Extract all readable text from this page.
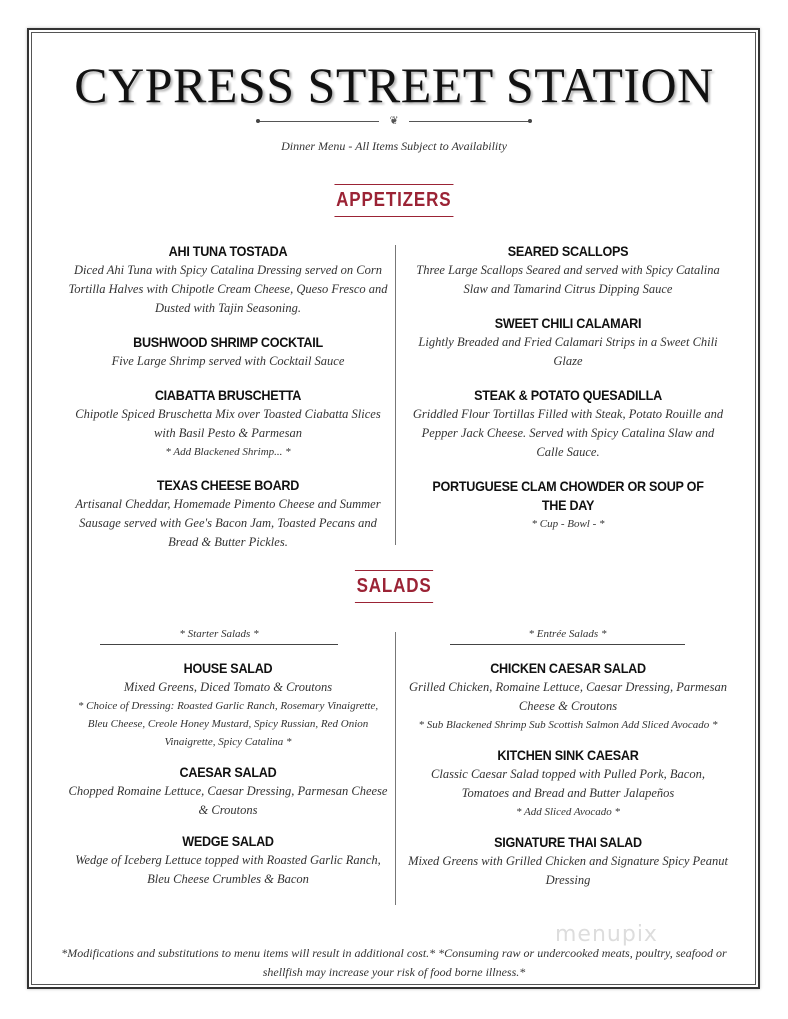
CYPRESS STREET STATION
❦
Dinner Menu - All Items Subject to Availability
APPETIZERS
AHI TUNA TOSTADA
Diced Ahi Tuna with Spicy Catalina Dressing served on Corn Tortilla Halves with Chipotle Cream Cheese, Queso Fresco and Dusted with Tajin Seasoning.
BUSHWOOD SHRIMP COCKTAIL
Five Large Shrimp served with Cocktail Sauce
CIABATTA BRUSCHETTA
Chipotle Spiced Bruschetta Mix over Toasted Ciabatta Slices with Basil Pesto & Parmesan
* Add Blackened Shrimp... *
TEXAS CHEESE BOARD
Artisanal Cheddar, Homemade Pimento Cheese and Summer Sausage served with Gee's Bacon Jam, Toasted Pecans and Bread & Butter Pickles.
SEARED SCALLOPS
Three Large Scallops Seared and served with Spicy Catalina Slaw and Tamarind Citrus Dipping Sauce
SWEET CHILI CALAMARI
Lightly Breaded and Fried Calamari Strips in a Sweet Chili Glaze
STEAK & POTATO QUESADILLA
Griddled Flour Tortillas Filled with Steak, Potato Rouille and Pepper Jack Cheese. Served with Spicy Catalina Slaw and Calle Sauce.
PORTUGUESE CLAM CHOWDER OR SOUP OF THE DAY
* Cup - Bowl - *
SALADS
* Starter Salads *	* Entrée Salads *
HOUSE SALAD
Mixed Greens, Diced Tomato & Croutons
* Choice of Dressing: Roasted Garlic Ranch, Rosemary Vinaigrette, Bleu Cheese, Creole Honey Mustard, Spicy Russian, Red Onion Vinaigrette, Spicy Catalina *
CAESAR SALAD
Chopped Romaine Lettuce, Caesar Dressing, Parmesan Cheese & Croutons
WEDGE SALAD
Wedge of Iceberg Lettuce topped with Roasted Garlic Ranch, Bleu Cheese Crumbles & Bacon
CHICKEN CAESAR SALAD
Grilled Chicken, Romaine Lettuce, Caesar Dressing, Parmesan Cheese & Croutons
* Sub Blackened Shrimp Sub Scottish Salmon Add Sliced Avocado *
KITCHEN SINK CAESAR
Classic Caesar Salad topped with Pulled Pork, Bacon, Tomatoes and Bread and Butter Jalapeños
* Add Sliced Avocado *
SIGNATURE THAI SALAD
Mixed Greens with Grilled Chicken and Signature Spicy Peanut Dressing
menupix
*Modifications and substitutions to menu items will result in additional cost.* *Consuming raw or undercooked meats, poultry, seafood or shellfish may increase your risk of food borne illness.*
